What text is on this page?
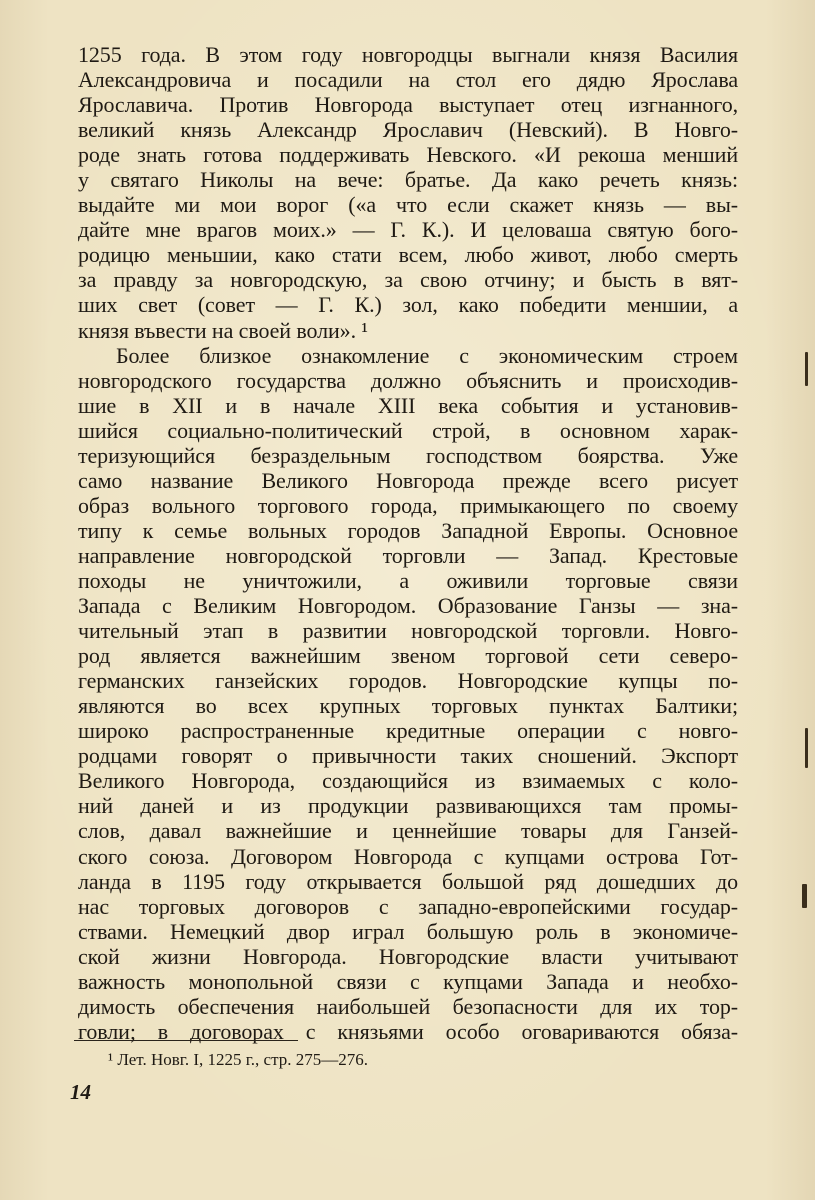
1255 года. В этом году новгородцы выгнали князя Василия
Александровича и посадили на стол его дядю Ярослава
Ярославича. Против Новгорода выступает отец изгнанного,
великий князь Александр Ярославич (Невский). В Новго-
роде знать готова поддерживать Невского. «И рекоша менший
у святаго Николы на вече: братье. Да како речеть князь:
выдайте ми мои ворог («а что если скажет князь — вы-
дайте мне врагов моих.» — Г. К.). И целоваша святую бого-
родицю меньшии, како стати всем, любо живот, любо смерть
за правду за новгородскую, за свою отчину; и бысть в вят-
ших свет (совет — Г. К.) зол, како победити меншии, а
князя въвести на своей воли». ¹
Более близкое ознакомление с экономическим строем
новгородского государства должно объяснить и происходив-
шие в XII и в начале XIII века события и установив-
шийся социально-политический строй, в основном харак-
теризующийся безраздельным господством боярства. Уже
само название Великого Новгорода прежде всего рисует
образ вольного торгового города, примыкающего по своему
типу к семье вольных городов Западной Европы. Основное
направление новгородской торговли — Запад. Крестовые
походы не уничтожили, а оживили торговые связи
Запада с Великим Новгородом. Образование Ганзы — зна-
чительный этап в развитии новгородской торговли. Новго-
род является важнейшим звеном торговой сети северо-
германских ганзейских городов. Новгородские купцы по-
являются во всех крупных торговых пунктах Балтики;
широко распространенные кредитные операции с новго-
родцами говорят о привычности таких сношений. Экспорт
Великого Новгорода, создающийся из взимаемых с коло-
ний даней и из продукции развивающихся там промы-
слов, давал важнейшие и ценнейшие товары для Ганзей-
ского союза. Договором Новгорода с купцами острова Гот-
ланда в 1195 году открывается большой ряд дошедших до
нас торговых договоров с западно-европейскими государ-
ствами. Немецкий двор играл большую роль в экономиче-
ской жизни Новгорода. Новгородские власти учитывают
важность монопольной связи с купцами Запада и необхо-
димость обеспечения наибольшей безопасности для их тор-
говли; в договорах с князьями особо оговариваются обяза-
¹ Лет. Новг. I, 1225 г., стр. 275—276.
14
